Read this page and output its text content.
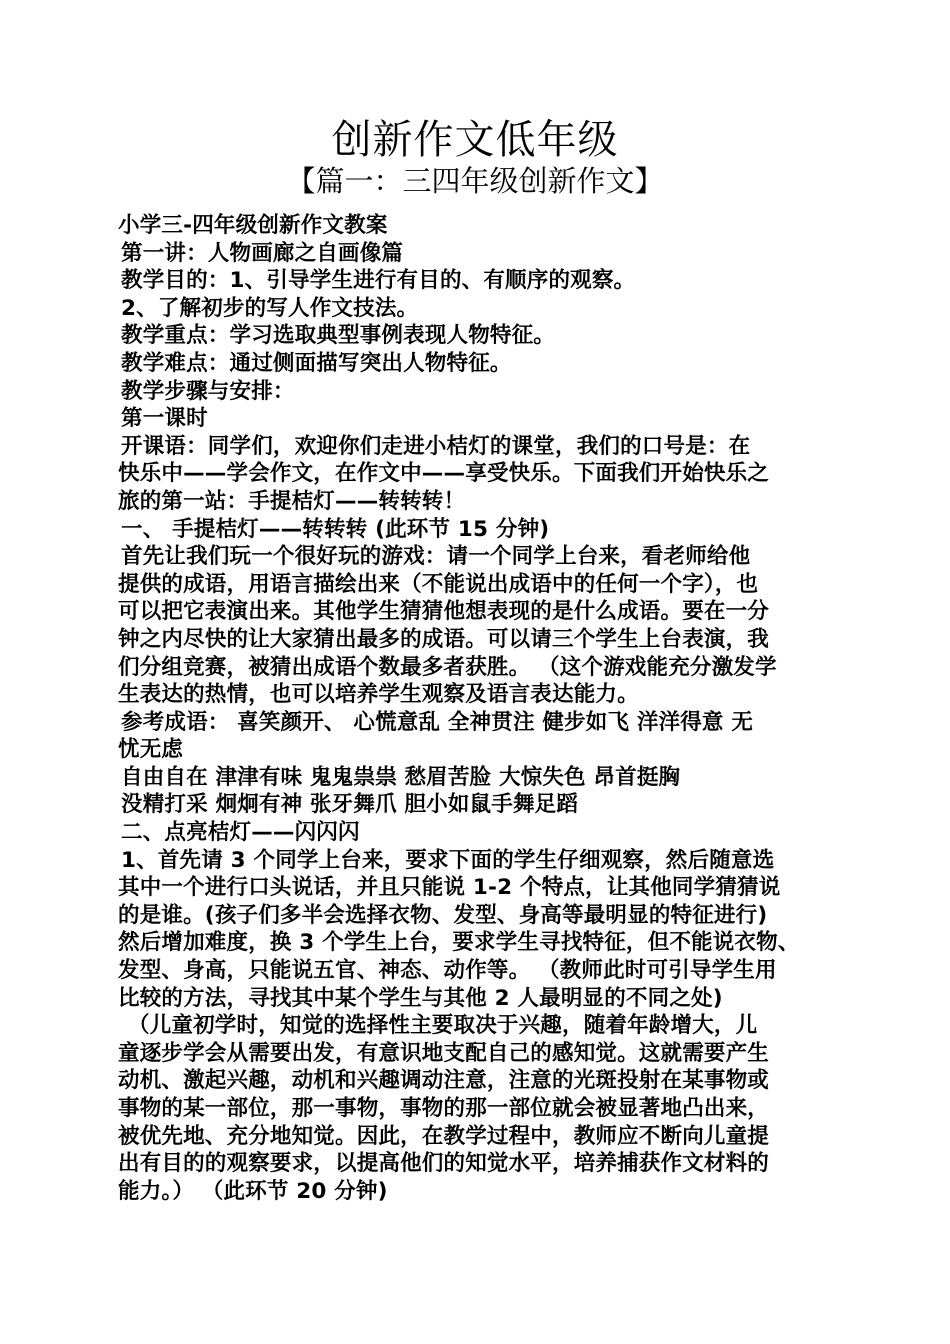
创新作文低年级
【篇一：三四年级创新作文】
小学三-四年级创新作文教案
第一讲：人物画廊之自画像篇
教学目的：1、引导学生进行有目的、有顺序的观察。
2、了解初步的写人作文技法。
教学重点：学习选取典型事例表现人物特征。
教学难点：通过侧面描写突出人物特征。
教学步骤与安排：
第一课时
开课语：同学们，欢迎你们走进小桔灯的课堂，我们的口号是：在
快乐中——学会作文，在作文中——享受快乐。下面我们开始快乐之
旅的第一站：手提桔灯——转转转！
一、 手提桔灯——转转转 (此环节 15 分钟)
首先让我们玩一个很好玩的游戏：请一个同学上台来，看老师给他
提供的成语，用语言描绘出来（不能说出成语中的任何一个字），也
可以把它表演出来。其他学生猜猜他想表现的是什么成语。要在一分
钟之内尽快的让大家猜出最多的成语。可以请三个学生上台表演，我
们分组竞赛，被猜出成语个数最多者获胜。 （这个游戏能充分激发学
生表达的热情，也可以培养学生观察及语言表达能力。
参考成语： 喜笑颜开、 心慌意乱 全神贯注 健步如飞 洋洋得意 无
忧无虑
自由自在 津津有味 鬼鬼祟祟 愁眉苦脸 大惊失色 昂首挺胸
没精打采 炯炯有神 张牙舞爪 胆小如鼠手舞足蹈
二、点亮桔灯——闪闪闪
1、首先请 3 个同学上台来，要求下面的学生仔细观察，然后随意选
其中一个进行口头说话，并且只能说 1-2 个特点，让其他同学猜猜说
的是谁。(孩子们多半会选择衣物、发型、身高等最明显的特征进行)
然后增加难度，换 3 个学生上台，要求学生寻找特征，但不能说衣物、
发型、身高，只能说五官、神态、动作等。 （教师此时可引导学生用
比较的方法，寻找其中某个学生与其他 2 人最明显的不同之处)
（儿童初学时，知觉的选择性主要取决于兴趣，随着年龄增大，儿
童逐步学会从需要出发，有意识地支配自己的感知觉。这就需要产生
动机、激起兴趣，动机和兴趣调动注意，注意的光斑投射在某事物或
事物的某一部位，那一事物，事物的那一部位就会被显著地凸出来，
被优先地、充分地知觉。因此，在教学过程中，教师应不断向儿童提
出有目的的观察要求，以提高他们的知觉水平，培养捕获作文材料的
能力。） （此环节 20 分钟)
